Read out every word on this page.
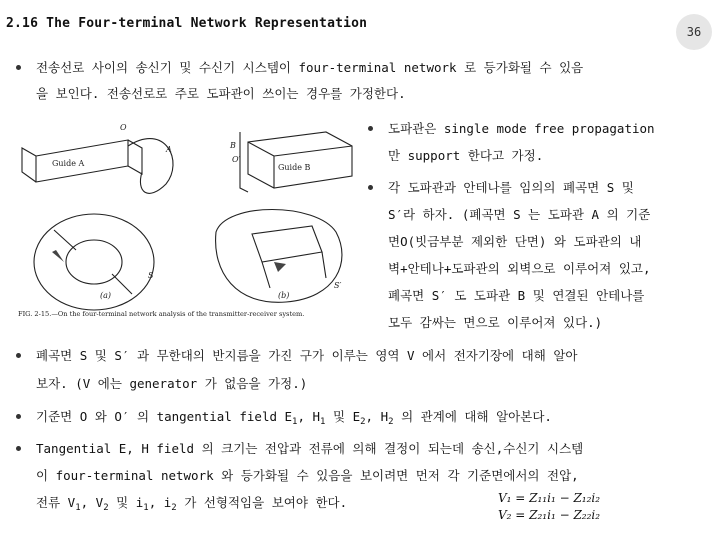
2.16 The Four-terminal Network Representation
36
전송선로 사이의 송신기 및 수신기 시스템이 four-terminal network 로 등가화될 수 있음
을 보인다. 전송선로로 주로 도파관이 쓰이는 경우를 가정한다.
Guide A
A
O
Guide B
B
O′
S
S′
(a)	(b)
FIG. 2-15.—On the four-terminal network analysis of the transmitter-receiver system.
도파관은 single mode free propagation
만 support 한다고 가정.
각 도파관과 안테나를 임의의 폐곡면 S 및
S′라 하자. (폐곡면 S 는 도파관 A 의 기준
면O(빗금부분 제외한 단면) 와 도파관의 내
벽+안테나+도파관의 외벽으로 이루어져 있고,
폐곡면 S′ 도 도파관 B 및 연결된 안테나를
모두 감싸는 면으로 이루어져 있다.)
폐곡면 S 및 S′ 과 무한대의 반지름을 가진 구가 이루는 영역 V 에서 전자기장에 대해 알아
보자. (V 에는 generator 가 없음을 가정.)
기준면 O 와 O′ 의 tangential field $E_1$, $H_1$ 및 $E_2$, $H_2$ 의 관계에 대해 알아본다.
Tangential E, H field 의 크기는 전압과 전류에 의해 결정이 되는데 송신,수신기 시스템
이 four-terminal network 와 등가화될 수 있음을 보이려면 먼저 각 기준면에서의 전압,
전류 $V_1$, $V_2$ 및 $i_1$, $i_2$ 가 선형적임을 보여야 한다.	V₁ = Z₁₁i₁ − Z₁₂i₂
V₂ = Z₂₁i₁ − Z₂₂i₂
